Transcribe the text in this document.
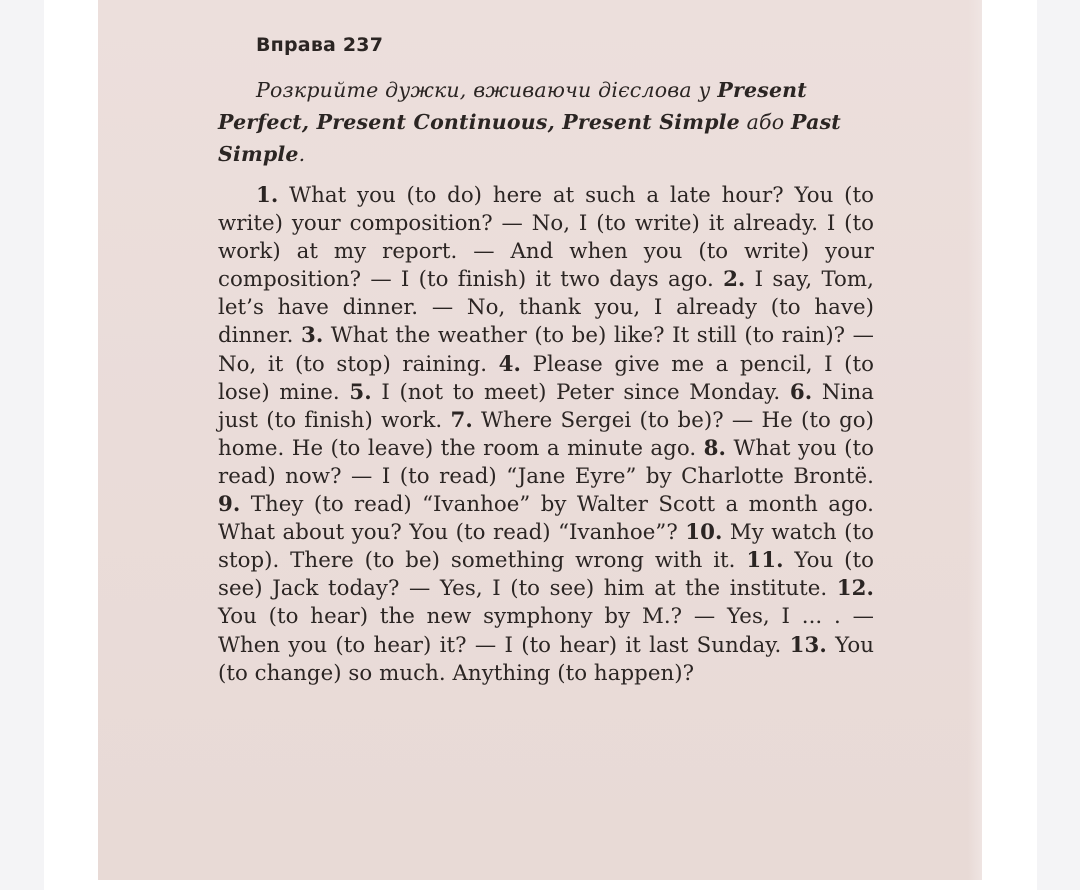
Вправа 237

Розкрийте дужки, вживаючи дієслова у Present Perfect, Present Continuous, Present Simple або Past Simple.

1. What you (to do) here at such a late hour? You (to write) your composition? — No, I (to write) it already. I (to work) at my report. — And when you (to write) your composition? — I (to finish) it two days ago. 2. I say, Tom, let’s have dinner. — No, thank you, I already (to have) dinner. 3. What the weather (to be) like? It still (to rain)? — No, it (to stop) raining. 4. Please give me a pencil, I (to lose) mine. 5. I (not to meet) Peter since Monday. 6. Nina just (to finish) work. 7. Where Sergei (to be)? — He (to go) home. He (to leave) the room a minute ago. 8. What you (to read) now? — I (to read) “Jane Eyre” by Charlotte Brontë. 9. They (to read) “Ivanhoe” by Walter Scott a month ago. What about you? You (to read) “Ivanhoe”? 10. My watch (to stop). There (to be) something wrong with it. 11. You (to see) Jack today? — Yes, I (to see) him at the institute. 12. You (to hear) the new symphony by M.? — Yes, I ... . — When you (to hear) it? — I (to hear) it last Sunday. 13. You (to change) so much. Anything (to happen)?
